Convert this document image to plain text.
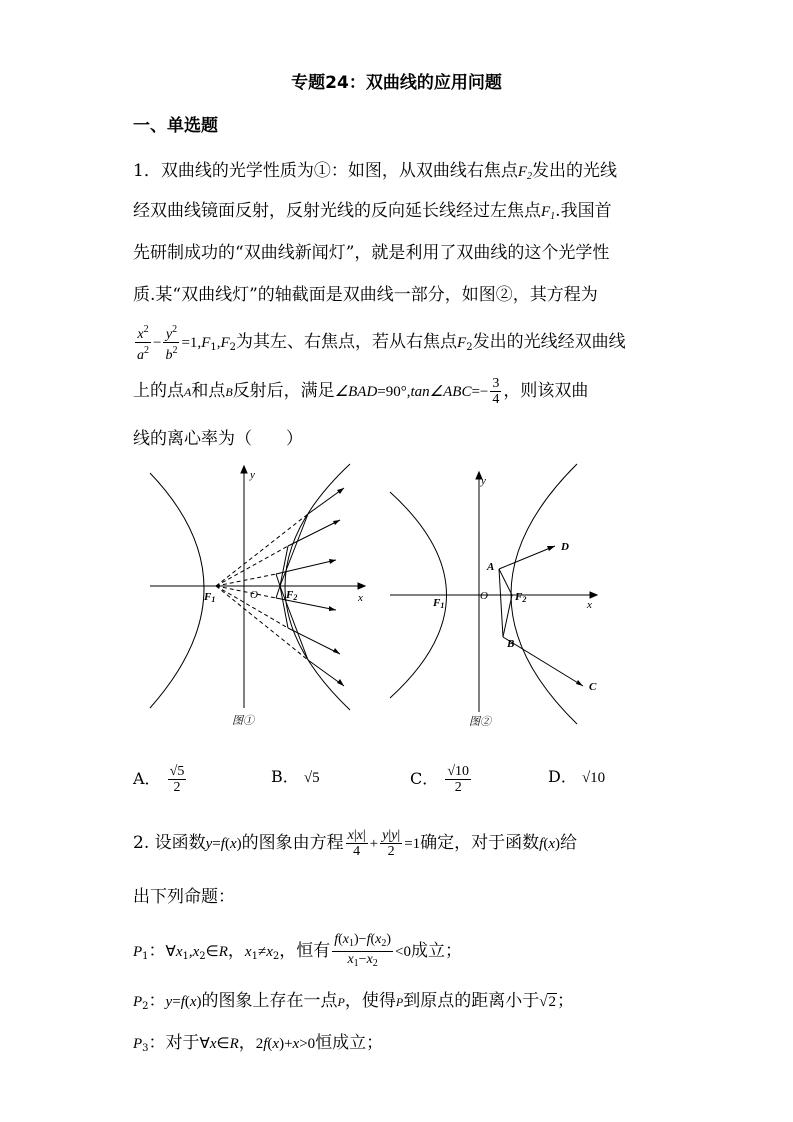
专题24：双曲线的应用问题
一、单选题
1．双曲线的光学性质为①：如图，从双曲线右焦点$F_2$发出的光线
经双曲线镜面反射，反射光线的反向延长线经过左焦点$F_1$.我国首
先研制成功的“双曲线新闻灯”，就是利用了双曲线的这个光学性
质.某“双曲线灯”的轴截面是双曲线一部分，如图②，其方程为
$\frac{x^2}{a^2} - \frac{y^2}{b^2} =1,F_1,F_2$为其左、右焦点，若从右焦点$F_2$发出的光线经双曲线
上的点A和点B反射后，满足∠BAD=90°,tan∠ABC=− $\frac{3}{4}$ ，则该双曲
线的离心率为（　　）
y
x
F1	O	F2
图①
y
x
F1
O F2
A
D
B
C
图②
A． $\frac{√5}{2}$	B． √5	C． $\frac{√10}{2}$	D． √10
2. 设函数y=f(x)的图象由方程 $\frac{x|x|}{4} + \frac{y|y|}{2} =1$确定，对于函数f(x)给
出下列命题：
$P_1$：$\forall x_1,x_2\in R$，$x_1\ne x_2$，恒有 $\frac{f(x_1)-f(x_2)}{x_1-x_2} <0$成立；
$P_2$：y=f(x)的图象上存在一点P，使得P到原点的距离小于√2；
$P_3$：对于∀x∈R，2f(x)+x>0恒成立；
